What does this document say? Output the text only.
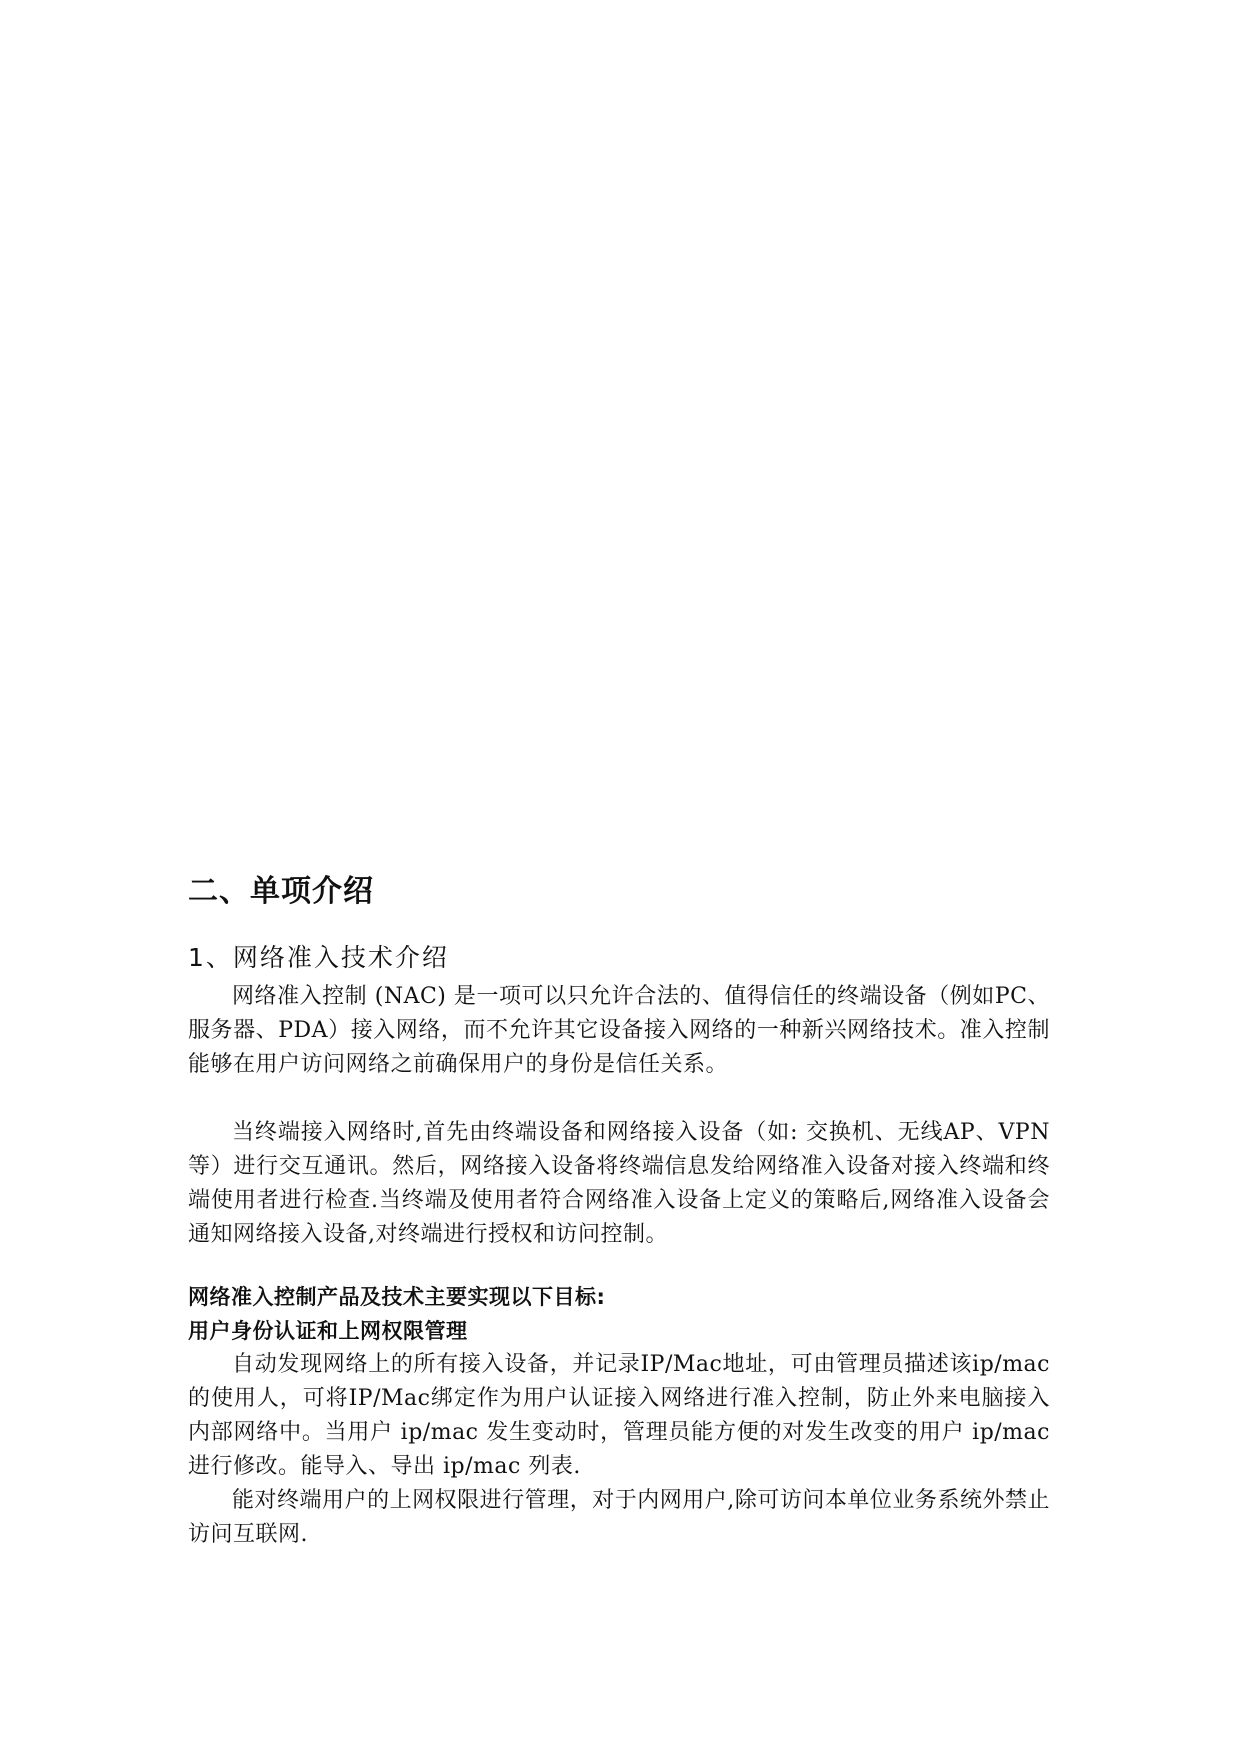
二、单项介绍
1、网络准入技术介绍

网络准入控制 (NAC) 是一项可以只允许合法的、值得信任的终端设备（例如PC、服务器、PDA）接入网络，而不允许其它设备接入网络的一种新兴网络技术。准入控制能够在用户访问网络之前确保用户的身份是信任关系。

当终端接入网络时,首先由终端设备和网络接入设备（如: 交换机、无线AP、VPN等）进行交互通讯。然后，网络接入设备将终端信息发给网络准入设备对接入终端和终端使用者进行检查.当终端及使用者符合网络准入设备上定义的策略后,网络准入设备会通知网络接入设备,对终端进行授权和访问控制。

网络准入控制产品及技术主要实现以下目标:

用户身份认证和上网权限管理

自动发现网络上的所有接入设备，并记录IP/Mac地址，可由管理员描述该ip/mac的使用人，可将IP/Mac绑定作为用户认证接入网络进行准入控制，防止外来电脑接入内部网络中。当用户 ip/mac 发生变动时，管理员能方便的对发生改变的用户 ip/mac 进行修改。能导入、导出 ip/mac 列表.

能对终端用户的上网权限进行管理，对于内网用户,除可访问本单位业务系统外禁止访问互联网.
